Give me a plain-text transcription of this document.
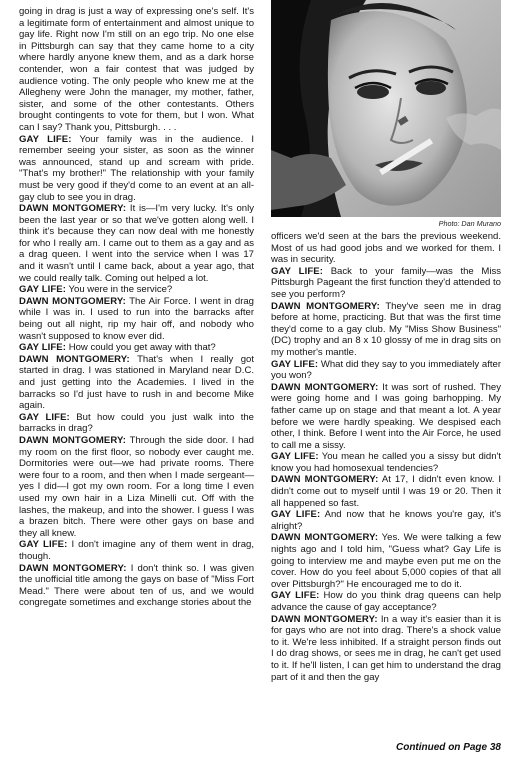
going in drag is just a way of expressing one's self. It's a legitimate form of entertainment and almost unique to gay life. Right now I'm still on an ego trip. No one else in Pittsburgh can say that they came home to a city where hardly anyone knew them, and as a dark horse contender, won a fair contest that was judged by audience voting. The only people who knew me at the Allegheny were John the manager, my mother, father, sister, and some of the other contestants. Others brought contingents to vote for them, but I won. What can I say? Thank you, Pittsburgh. . . .

GAY LIFE: Your family was in the audience. I remember seeing your sister, as soon as the winner was announced, stand up and scream with pride. "That's my brother!" The relationship with your family must be very good if they'd come to an event at an all-gay club to see you in drag.

DAWN MONTGOMERY: It is—I'm very lucky. It's only been the last year or so that we've gotten along well. I think it's because they can now deal with me honestly for who I really am. I came out to them as a gay and as a drag queen. I went into the service when I was 17 and it wasn't until I came back, about a year ago, that we could really talk. Coming out helped a lot.

GAY LIFE: You were in the service?

DAWN MONTGOMERY: The Air Force. I went in drag while I was in. I used to run into the barracks after being out all night, rip my hair off, and nobody who wasn't supposed to know ever did.

GAY LIFE: How could you get away with that?

DAWN MONTGOMERY: That's when I really got started in drag. I was stationed in Maryland near D.C. and just getting into the Academies. I lived in the barracks so I'd just have to rush in and become Mike again.

GAY LIFE: But how could you just walk into the barracks in drag?

DAWN MONTGOMERY: Through the side door. I had my room on the first floor, so nobody ever caught me. Dormitories were out—we had private rooms. There were four to a room, and then when I made sergeant—yes I did—I got my own room. For a long time I even used my own hair in a Liza Minelli cut. Off with the lashes, the makeup, and into the shower. I guess I was a brazen bitch. There were other gays on base and they all knew.

GAY LIFE: I don't imagine any of them went in drag, though.

DAWN MONTGOMERY: I don't think so. I was given the unofficial title among the gays on base of "Miss Fort Mead." There were about ten of us, and we would congregate sometimes and exchange stories about the

Photo: Dan Murano

officers we'd seen at the bars the previous weekend. Most of us had good jobs and we worked for them. I was in security.

GAY LIFE: Back to your family—was the Miss Pittsburgh Pageant the first function they'd attended to see you perform?

DAWN MONTGOMERY: They've seen me in drag before at home, practicing. But that was the first time they'd come to a gay club. My "Miss Show Business" (DC) trophy and an 8 x 10 glossy of me in drag sits on my mother's mantle.

GAY LIFE: What did they say to you immediately after you won?

DAWN MONTGOMERY: It was sort of rushed. They were going home and I was going barhopping. My father came up on stage and that meant a lot. A year before we were hardly speaking. We despised each other, I think. Before I went into the Air Force, he used to call me a sissy.

GAY LIFE: You mean he called you a sissy but didn't know you had homosexual tendencies?

DAWN MONTGOMERY: At 17, I didn't even know. I didn't come out to myself until I was 19 or 20. Then it all happened so fast.

GAY LIFE: And now that he knows you're gay, it's alright?

DAWN MONTGOMERY: Yes. We were talking a few nights ago and I told him, "Guess what? Gay Life is going to interview me and maybe even put me on the cover. How do you feel about 5,000 copies of that all over Pittsburgh?" He encouraged me to do it.

GAY LIFE: How do you think drag queens can help advance the cause of gay acceptance?

DAWN MONTGOMERY: In a way it's easier than it is for gays who are not into drag. There's a shock value to it. We're less inhibited. If a straight person finds out I do drag shows, or sees me in drag, he can't get used to it. If he'll listen, I can get him to understand the drag part of it and then the gay

Continued on Page 38
